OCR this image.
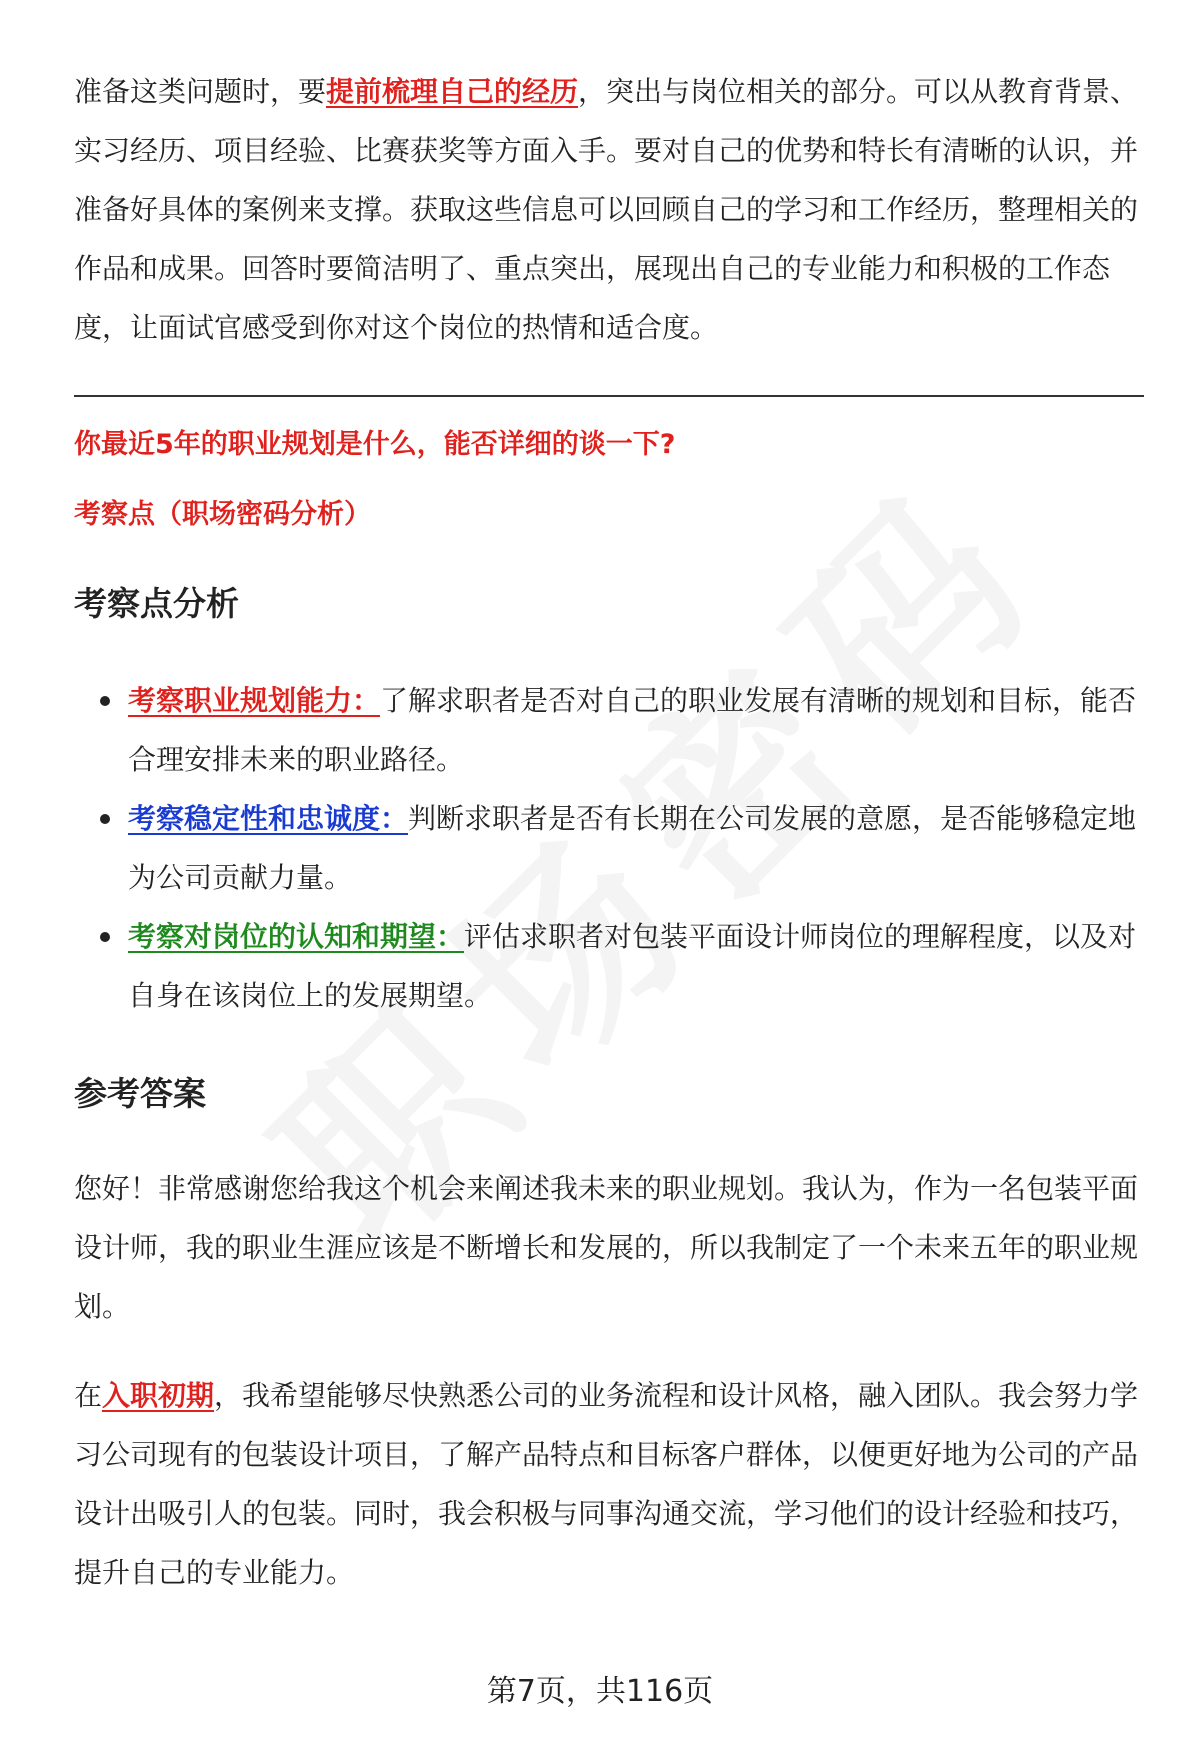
准备这类问题时，要提前梳理自己的经历，突出与岗位相关的部分。可以从教育背景、实习经历、项目经验、比赛获奖等方面入手。要对自己的优势和特长有清晰的认识，并准备好具体的案例来支撑。获取这些信息可以回顾自己的学习和工作经历，整理相关的作品和成果。回答时要简洁明了、重点突出，展现出自己的专业能力和积极的工作态度，让面试官感受到你对这个岗位的热情和适合度。

你最近5年的职业规划是什么，能否详细的谈一下?

考察点（职场密码分析）

考察点分析
考察职业规划能力：了解求职者是否对自己的职业发展有清晰的规划和目标，能否合理安排未来的职业路径。
考察稳定性和忠诚度：判断求职者是否有长期在公司发展的意愿，是否能够稳定地为公司贡献力量。
考察对岗位的认知和期望：评估求职者对包装平面设计师岗位的理解程度，以及对自身在该岗位上的发展期望。
参考答案

您好！非常感谢您给我这个机会来阐述我未来的职业规划。我认为，作为一名包装平面设计师，我的职业生涯应该是不断增长和发展的，所以我制定了一个未来五年的职业规划。

在入职初期，我希望能够尽快熟悉公司的业务流程和设计风格，融入团队。我会努力学习公司现有的包装设计项目，了解产品特点和目标客户群体，以便更好地为公司的产品设计出吸引人的包装。同时，我会积极与同事沟通交流，学习他们的设计经验和技巧，提升自己的专业能力。

第7页，共116页
